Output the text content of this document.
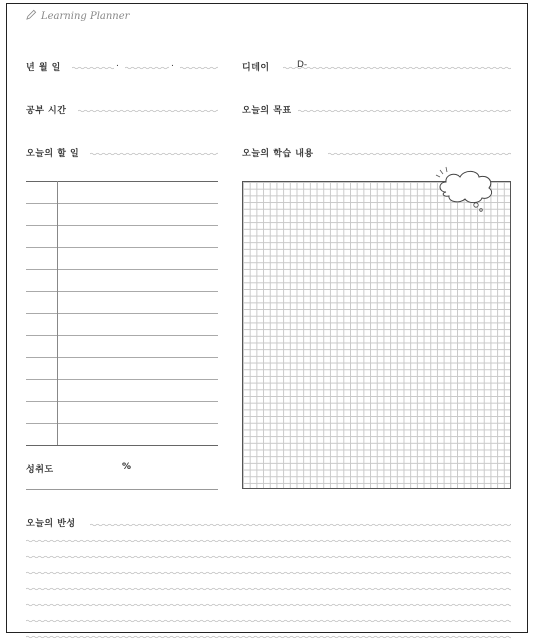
Learning Planner
년 월 일	.	.	디데이	D-
공부 시간	오늘의 목표
오늘의 할 일	오늘의 학습 내용
성취도	%
오늘의 반성
